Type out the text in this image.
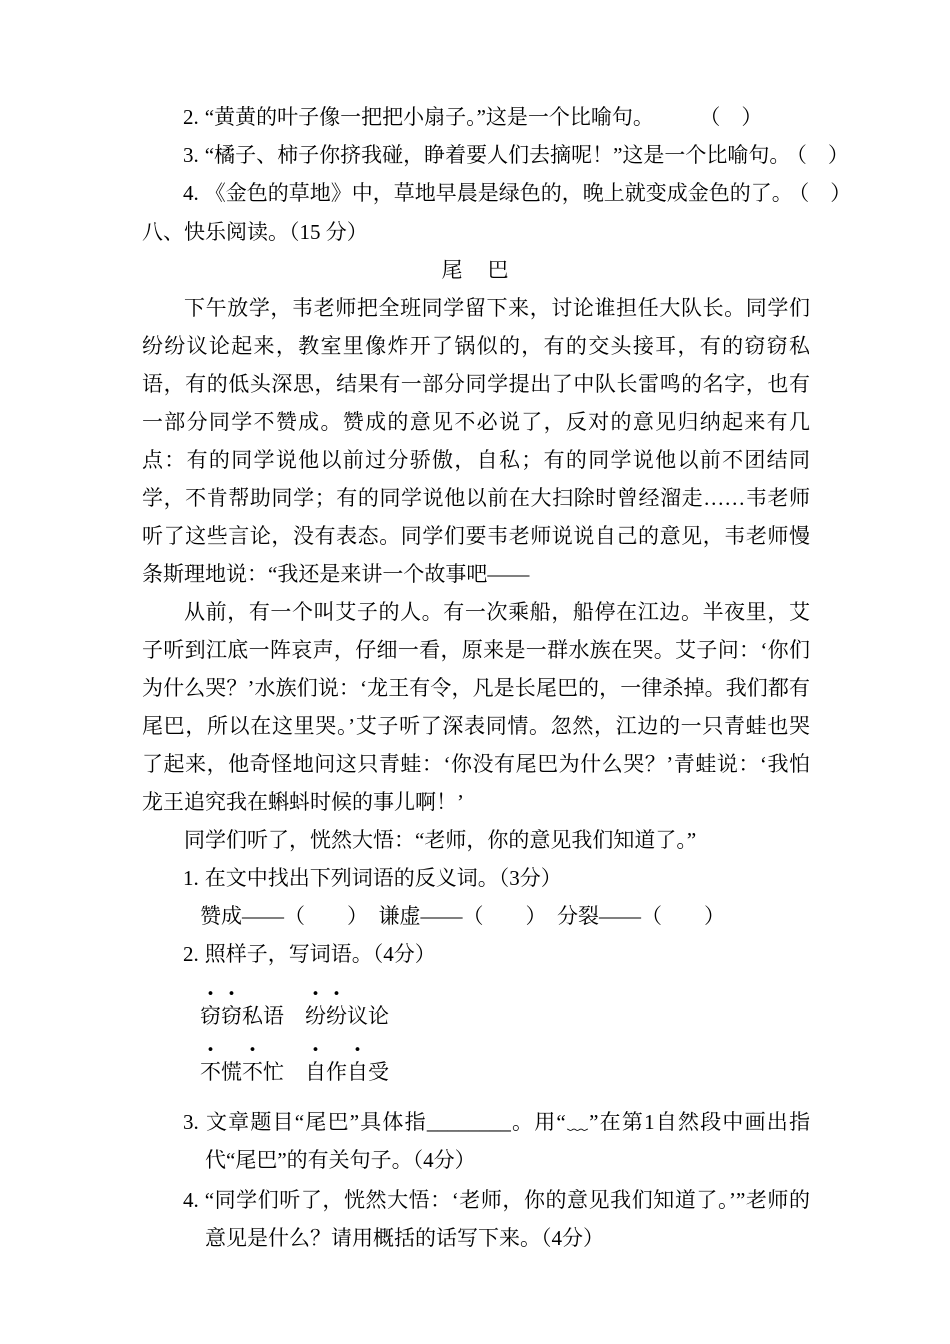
2. “黄黄的叶子像一把把小扇子。”这是一个比喻句。	（　）
3. “橘子、柿子你挤我碰，睁着要人们去摘呢！”这是一个比喻句。 （　）
4. 《金色的草地》中，草地早晨是绿色的，晚上就变成金色的了。 （　）
八、快乐阅读。（15 分）
尾　巴

下午放学，韦老师把全班同学留下来，讨论谁担任大队长。同学们纷纷议论起来，教室里像炸开了锅似的，有的交头接耳，有的窃窃私语，有的低头深思，结果有一部分同学提出了中队长雷鸣的名字，也有一部分同学不赞成。赞成的意见不必说了，反对的意见归纳起来有几点：有的同学说他以前过分骄傲，自私；有的同学说他以前不团结同学，不肯帮助同学；有的同学说他以前在大扫除时曾经溜走……韦老师听了这些言论，没有表态。同学们要韦老师说说自己的意见，韦老师慢条斯理地说：“我还是来讲一个故事吧——

从前，有一个叫艾子的人。有一次乘船，船停在江边。半夜里，艾子听到江底一阵哀声，仔细一看，原来是一群水族在哭。艾子问：‘你们为什么哭？’水族们说：‘龙王有令，凡是长尾巴的，一律杀掉。我们都有尾巴，所以在这里哭。’艾子听了深表同情。忽然，江边的一只青蛙也哭了起来，他奇怪地问这只青蛙：‘你没有尾巴为什么哭？’青蛙说：‘我怕龙王追究我在蝌蚪时候的事儿啊！’

同学们听了，恍然大悟：“老师，你的意见我们知道了。”

1. 在文中找出下列词语的反义词。（3分）
赞成——（　　）　谦虚——（　　）　分裂——（　　）
2. 照样子，写词语。（4分）
・・　　　・・
窃窃私语　纷纷议论
・　・　　・　・
不慌不忙　自作自受
3. 文章题目“尾巴”具体指________。用“﹏”在第1自然段中画出指代“尾巴”的有关句子。（4分）
4. “同学们听了，恍然大悟：‘老师，你的意见我们知道了。’”老师的意见是什么？请用概括的话写下来。（4分）
